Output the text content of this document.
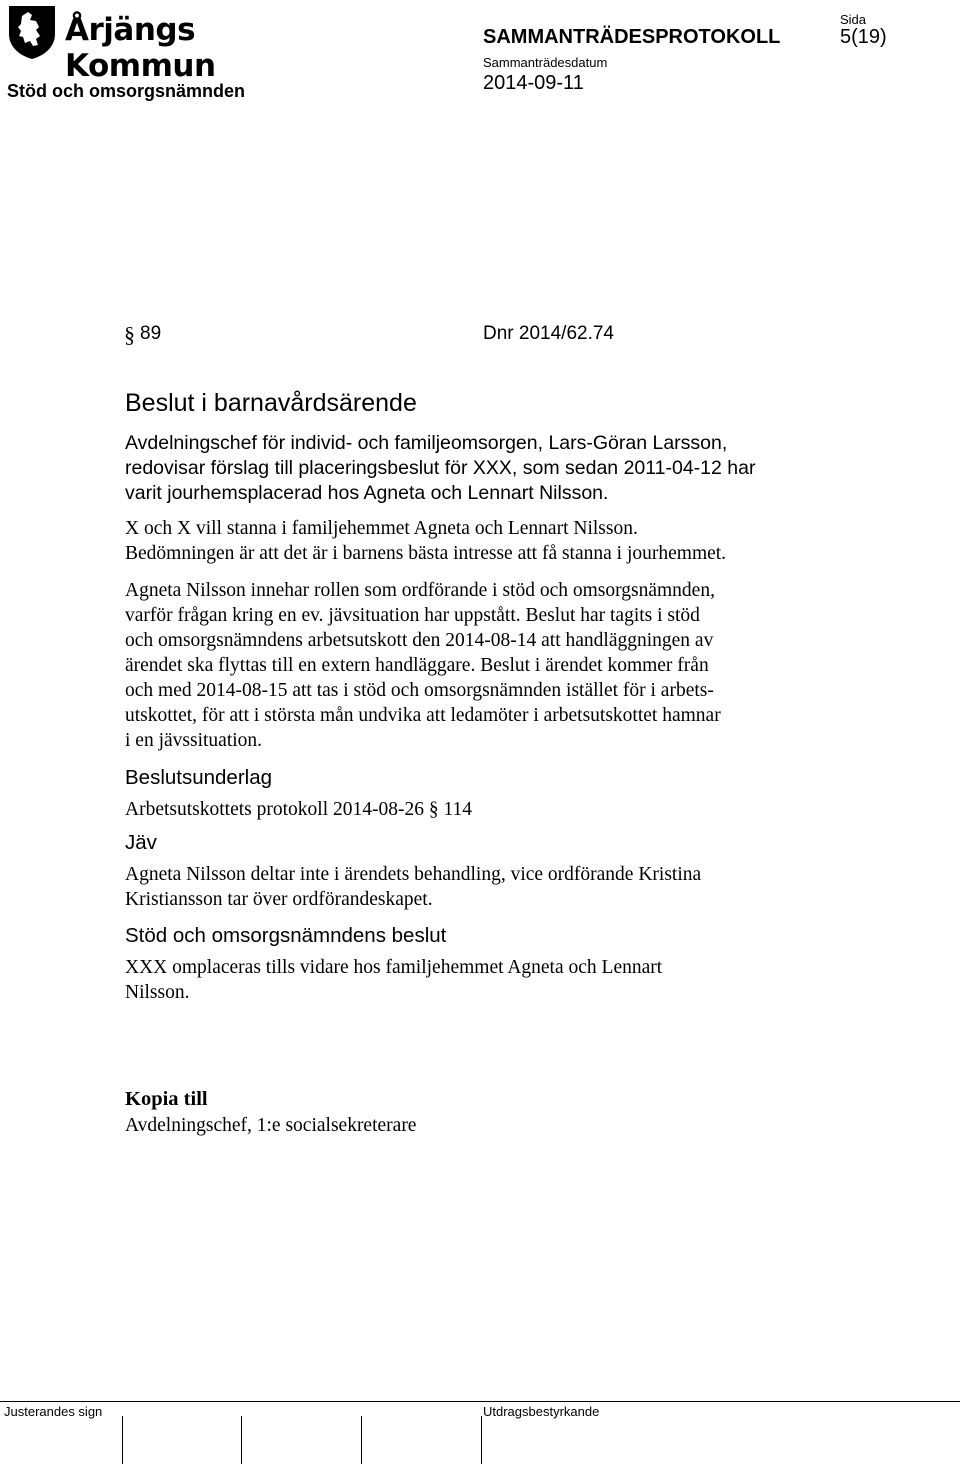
Årjängs Kommun
SAMMANTRÄDESPROTOKOLL
Sida
5(19)
Sammanträdesdatum
2014-09-11
Stöd och omsorgsnämnden
§ 89	Dnr 2014/62.74
Beslut i barnavårdsärende
Avdelningschef för individ- och familjeomsorgen, Lars-Göran Larsson,
redovisar förslag till placeringsbeslut för XXX, som sedan 2011-04-12 har
varit jourhemsplacerad hos Agneta och Lennart Nilsson.
X och X vill stanna i familjehemmet Agneta och Lennart Nilsson.
Bedömningen är att det är i barnens bästa intresse att få stanna i jourhemmet.
Agneta Nilsson innehar rollen som ordförande i stöd och omsorgsnämnden,
varför frågan kring en ev. jävsituation har uppstått. Beslut har tagits i stöd
och omsorgsnämndens arbetsutskott den 2014-08-14 att handläggningen av
ärendet ska flyttas till en extern handläggare. Beslut i ärendet kommer från
och med 2014-08-15 att tas i stöd och omsorgsnämnden istället för i arbets-
utskottet, för att i största mån undvika att ledamöter i arbetsutskottet hamnar
i en jävssituation.
Beslutsunderlag
Arbetsutskottets protokoll 2014-08-26 § 114
Jäv
Agneta Nilsson deltar inte i ärendets behandling, vice ordförande Kristina
Kristiansson tar över ordförandeskapet.
Stöd och omsorgsnämndens beslut
XXX omplaceras tills vidare hos familjehemmet Agneta och Lennart
Nilsson.
Kopia till
Avdelningschef, 1:e socialsekreterare
Justerandes sign	Utdragsbestyrkande
